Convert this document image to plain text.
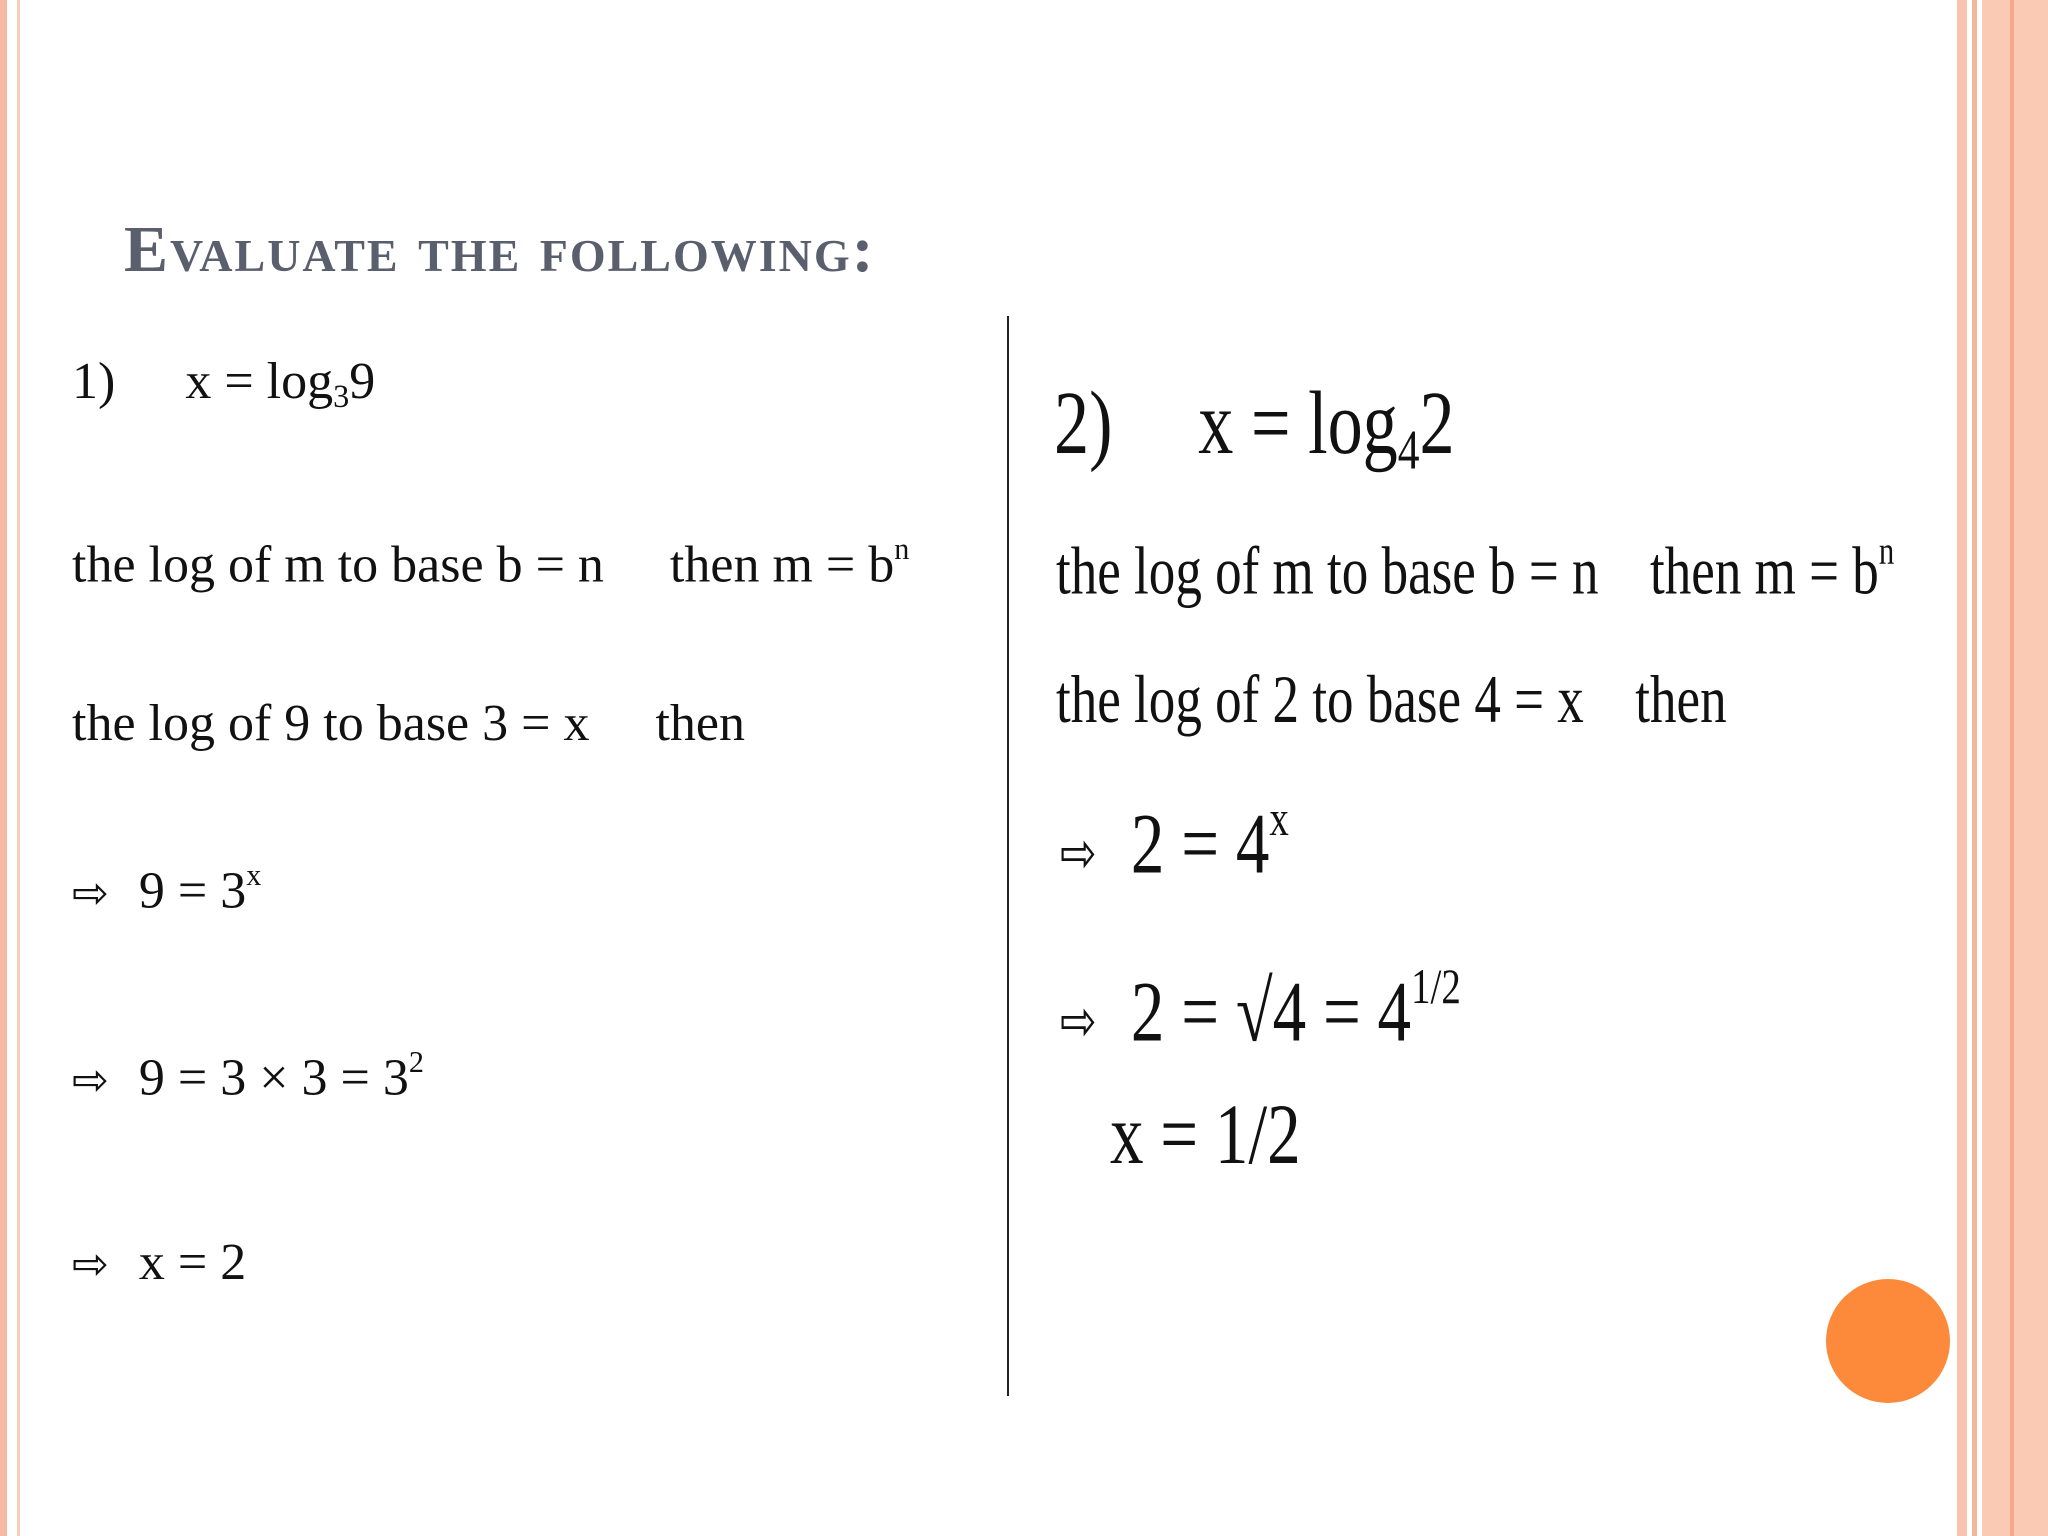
Evaluate the following:
1) $x = \log_39$
the log of m to base b = n then $m = b^n$
the log of 9 to base 3 = x then
⇨ $9 = 3^x$
⇨ $9 = 3 \times 3 = 3^2$
⇨ x = 2
2) $x = \log_42$
the log of m to base b = n then $m = b^n$
the log of 2 to base 4 = x then
⇨ $2 = 4^x$
⇨ $2 = √4 = 4^{1/2}$
x = 1/2
